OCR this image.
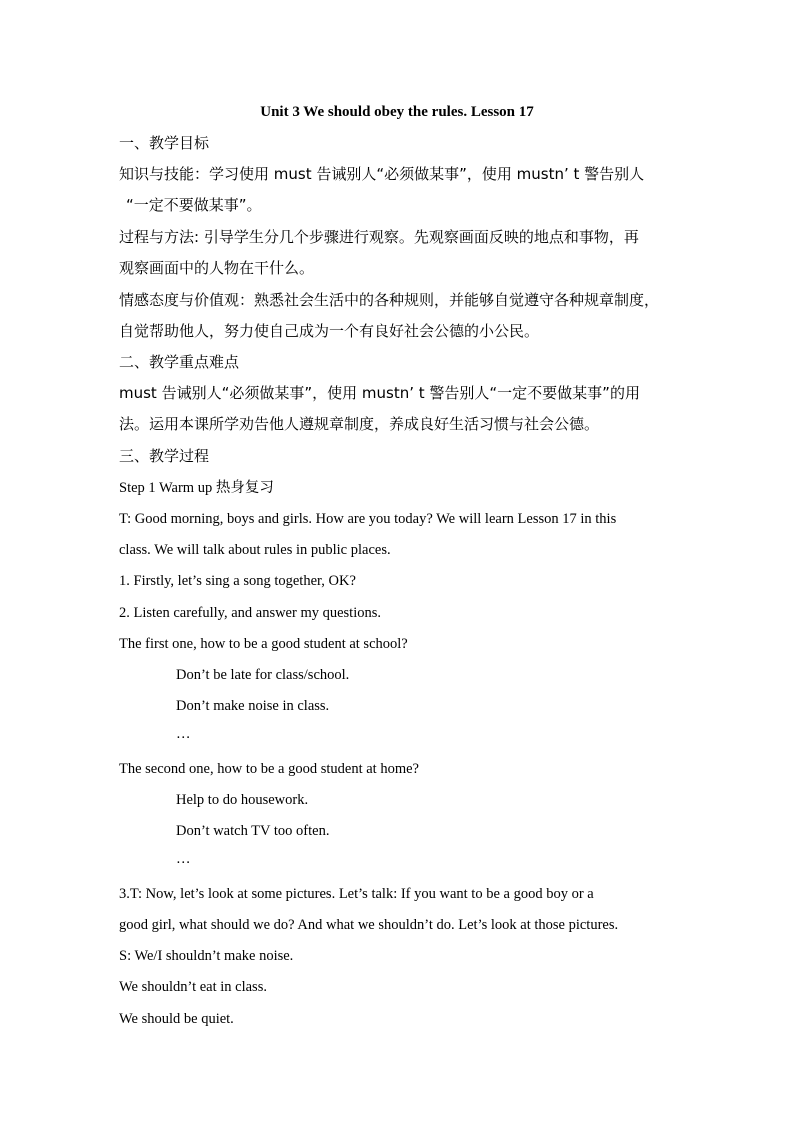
Unit 3 We should obey the rules. Lesson 17
一、教学目标
知识与技能：学习使用 must 告诫别人“必须做某事”，使用 mustn’ t 警告别人
“一定不要做某事”。
过程与方法: 引导学生分几个步骤进行观察。先观察画面反映的地点和事物，再
观察画面中的人物在干什么。
情感态度与价值观：熟悉社会生活中的各种规则，并能够自觉遵守各种规章制度，
自觉帮助他人，努力使自己成为一个有良好社会公德的小公民。
二、教学重点难点
must 告诫别人“必须做某事”，使用 mustn’ t 警告别人“一定不要做某事”的用
法。运用本课所学劝告他人遵规章制度，养成良好生活习惯与社会公德。
三、教学过程
Step 1 Warm up 热身复习
T: Good morning, boys and girls. How are you today? We will learn Lesson 17 in this
class. We will talk about rules in public places.
1. Firstly, let’s sing a song together, OK?
2. Listen carefully, and answer my questions.
The first one, how to be a good student at school?
Don’t be late for class/school.
Don’t make noise in class.
…
The second one, how to be a good student at home?
Help to do housework.
Don’t watch TV too often.
…
3.T: Now, let’s look at some pictures. Let’s talk: If you want to be a good boy or a
good girl, what should we do? And what we shouldn’t do. Let’s look at those pictures.
S: We/I shouldn’t make noise.
We shouldn’t eat in class.
We should be quiet.
